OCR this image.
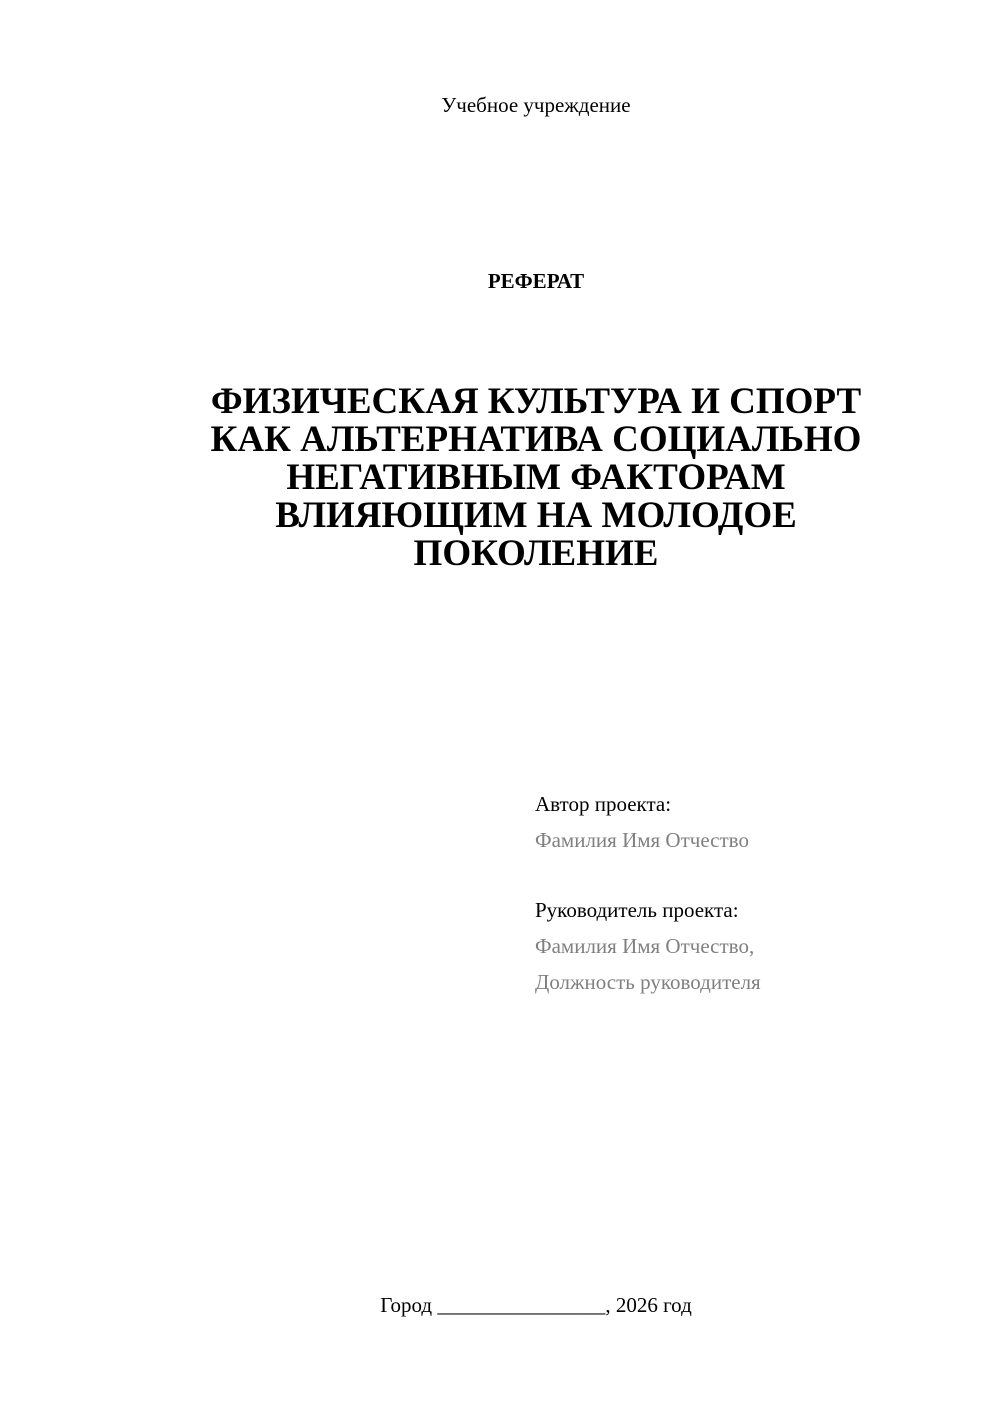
Учебное учреждение
РЕФЕРАТ
ФИЗИЧЕСКАЯ КУЛЬТУРА И СПОРТ
КАК АЛЬТЕРНАТИВА СОЦИАЛЬНО
НЕГАТИВНЫМ ФАКТОРАМ
ВЛИЯЮЩИМ НА МОЛОДОЕ
ПОКОЛЕНИЕ
Автор проекта:
Фамилия Имя Отчество
Руководитель проекта:
Фамилия Имя Отчество,
Должность руководителя
Город ________________, 2026 год
